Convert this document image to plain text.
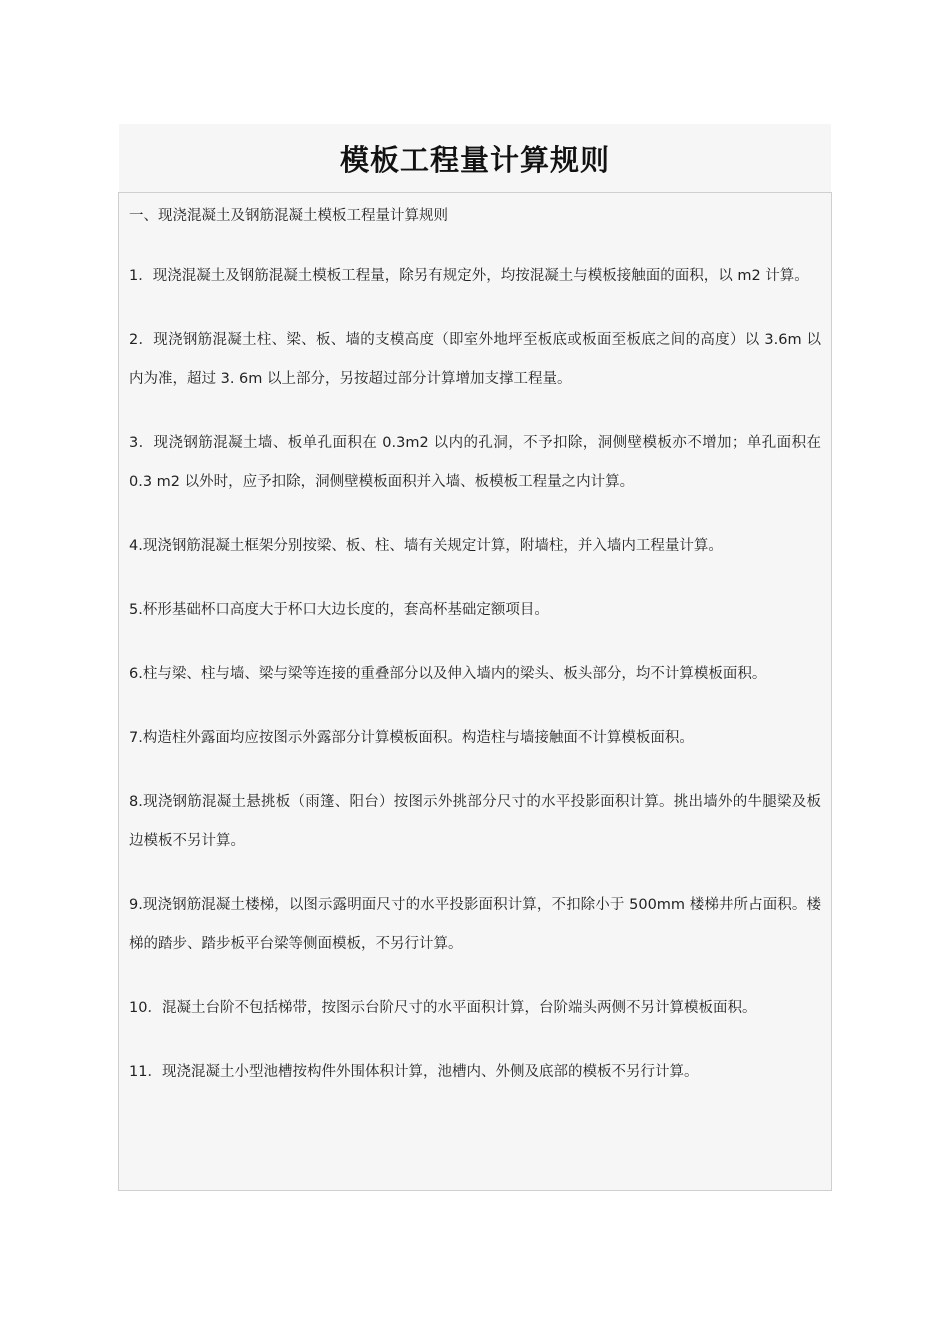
模板工程量计算规则

一、现浇混凝土及钢筋混凝土模板工程量计算规则

1．现浇混凝土及钢筋混凝土模板工程量，除另有规定外，均按混凝土与模板接触面的面积，以 m2 计算。

2．现浇钢筋混凝土柱、梁、板、墙的支模高度（即室外地坪至板底或板面至板底之间的高度）以 3.6m 以内为准，超过 3. 6m 以上部分，另按超过部分计算增加支撑工程量。

3．现浇钢筋混凝土墙、板单孔面积在 0.3m2 以内的孔洞，不予扣除，洞侧壁模板亦不增加；单孔面积在 0.3 m2 以外时，应予扣除，洞侧壁模板面积并入墙、板模板工程量之内计算。

4.现浇钢筋混凝土框架分别按梁、板、柱、墙有关规定计算，附墙柱，并入墙内工程量计算。

5.杯形基础杯口高度大于杯口大边长度的，套高杯基础定额项目。

6.柱与梁、柱与墙、梁与梁等连接的重叠部分以及伸入墙内的梁头、板头部分，均不计算模板面积。

7.构造柱外露面均应按图示外露部分计算模板面积。构造柱与墙接触面不计算模板面积。

8.现浇钢筋混凝土悬挑板（雨篷、阳台）按图示外挑部分尺寸的水平投影面积计算。挑出墙外的牛腿梁及板边模板不另计算。

9.现浇钢筋混凝土楼梯，以图示露明面尺寸的水平投影面积计算，不扣除小于 500mm 楼梯井所占面积。楼梯的踏步、踏步板平台梁等侧面模板，不另行计算。

10．混凝土台阶不包括梯带，按图示台阶尺寸的水平面积计算，台阶端头两侧不另计算模板面积。

11．现浇混凝土小型池槽按构件外围体积计算，池槽内、外侧及底部的模板不另行计算。
